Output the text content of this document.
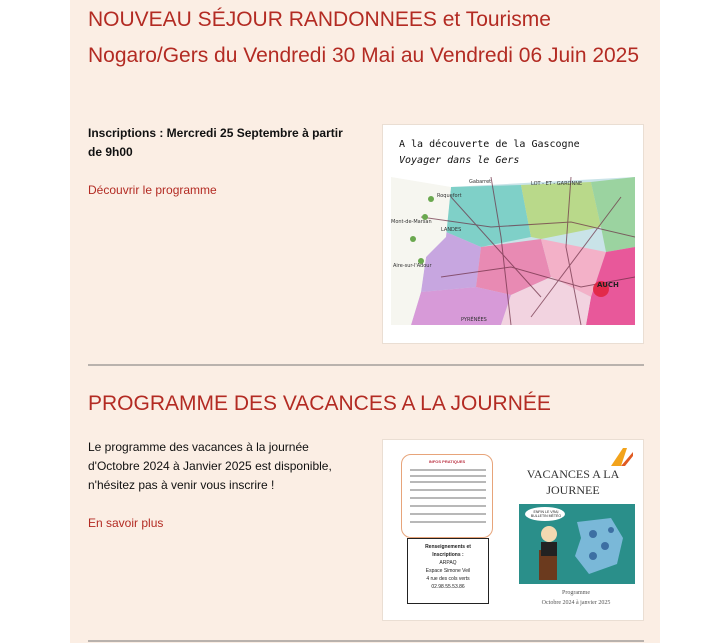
NOUVEAU SÉJOUR RANDONNEES et Tourisme Nogaro/Gers du Vendredi 30 Mai au Vendredi 06 Juin 2025
Inscriptions : Mercredi 25 Septembre à partir de 9h00
Découvrir le programme
A la découverte de la Gascogne
Voyager dans le Gers
LOT - ET - GARONNE
AUCH
PYRÉNÉES
LANDES
Mont-de-Marsan
Aire-sur-l'Adour
Roquefort
Gabarret
PROGRAMME DES VACANCES A LA JOURNÉE
Le programme des vacances à la journée d'Octobre 2024 à Janvier 2025 est disponible, n'hésitez pas à venir vous inscrire !
En savoir plus
INFOS PRATIQUES
Renseignements et
Inscriptions :
ARPAQ
Espace Simone Veil
4 rue des cols verts
02.98.55.53.86
VACANCES A LA JOURNEE
ENFIN LE VRAI BULLETIN MÉTÉO
Programme
Octobre 2024 à janvier 2025
